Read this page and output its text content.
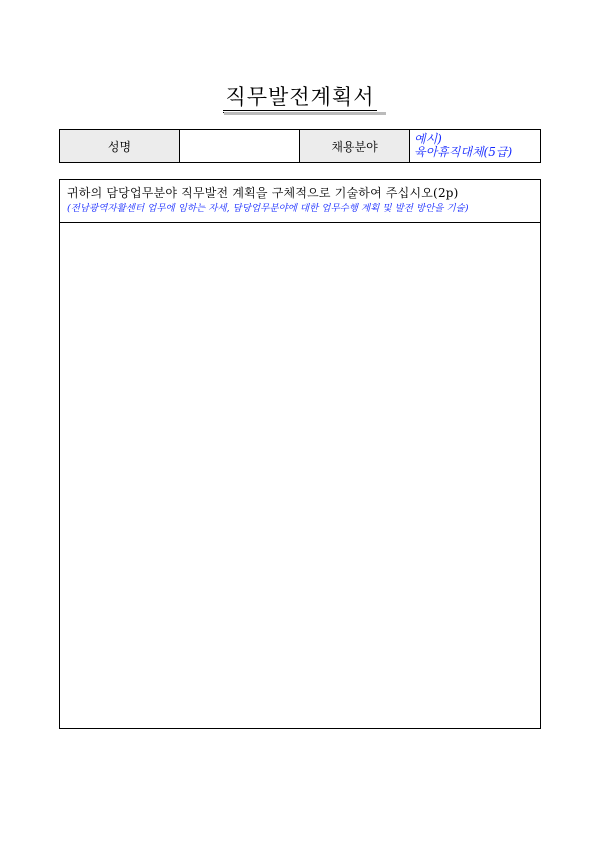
직무발전계획서
성명		채용분야	
예시)
육아휴직대체(5급)
귀하의 담당업무분야 직무발전 계획을 구체적으로 기술하여 주십시오(2p)
(전남광역자활센터 업무에 임하는 자세, 담당업무분야에 대한 업무수행 계획 및 발전 방안을 기술)
